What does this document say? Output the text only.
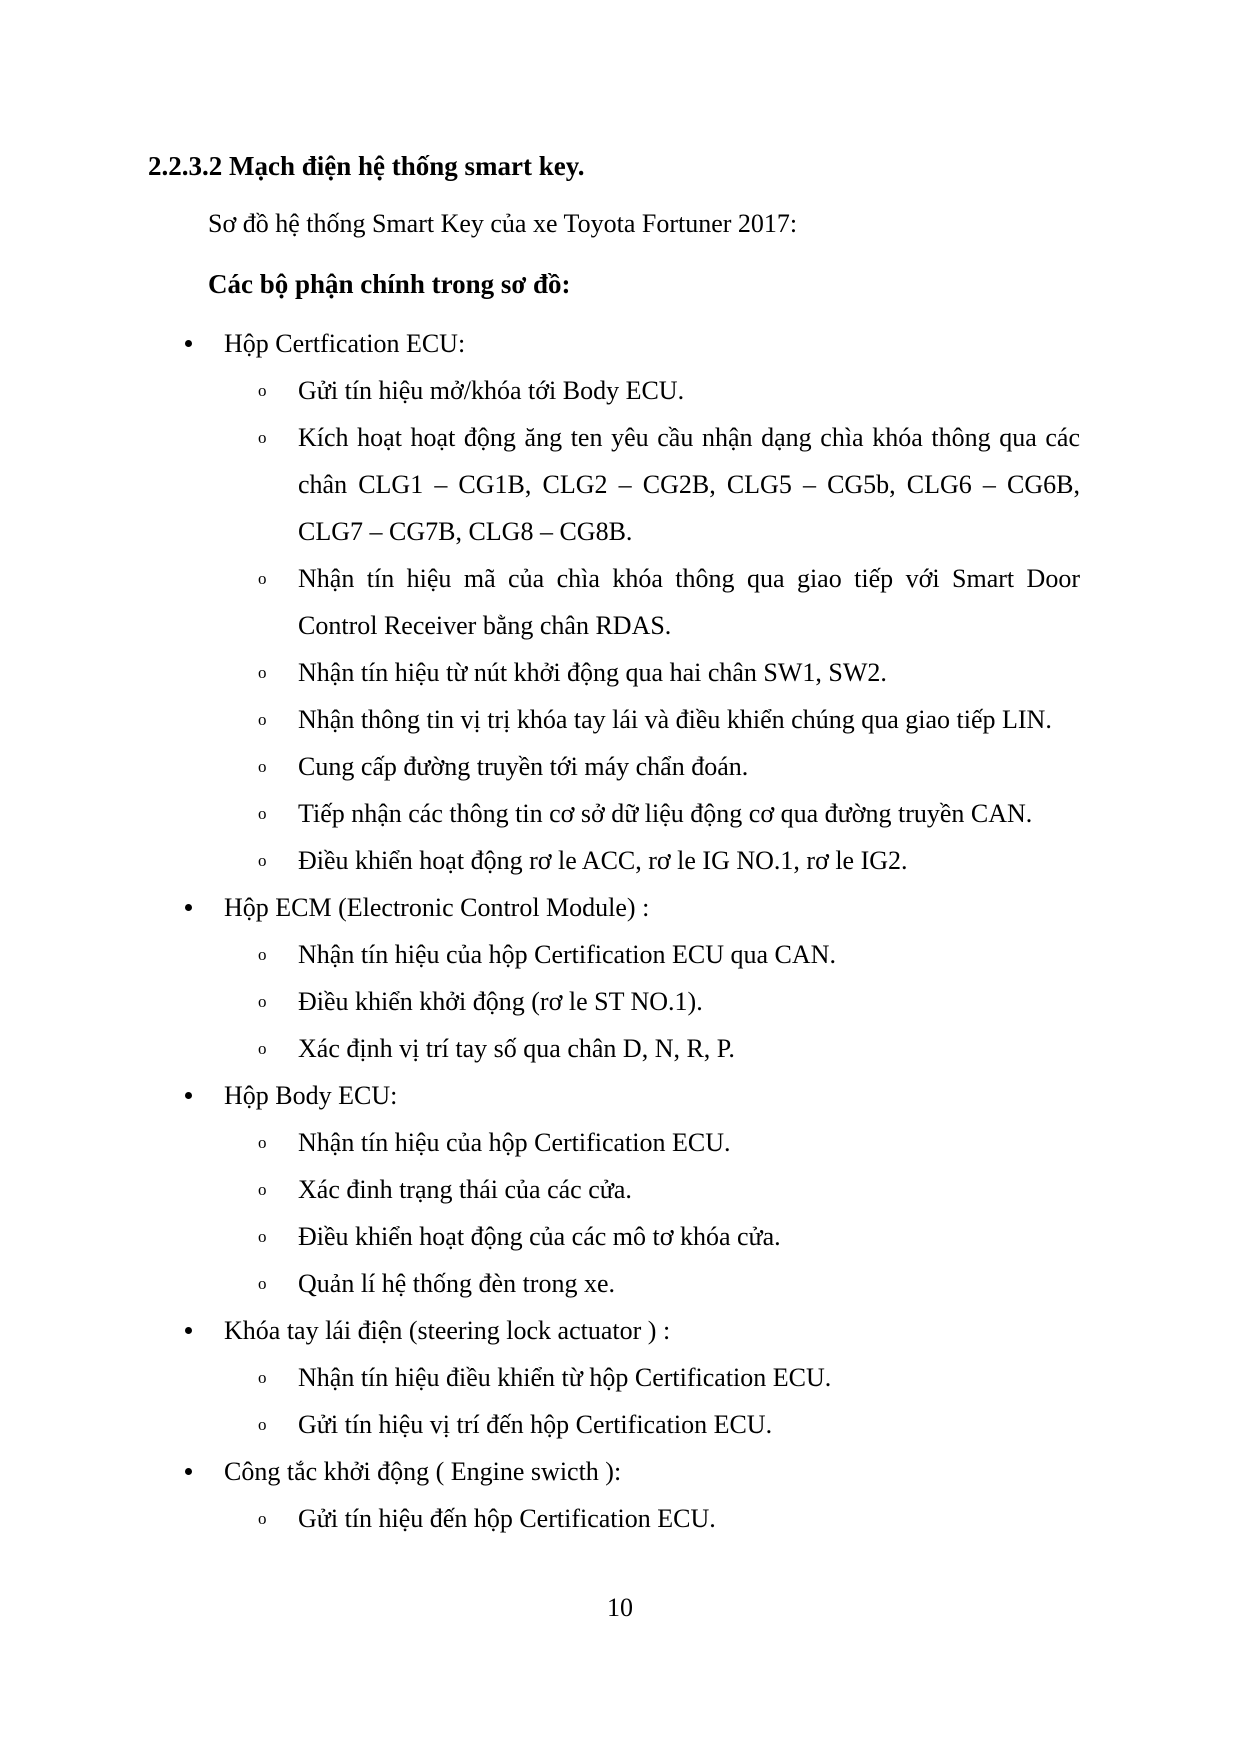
2.2.3.2 Mạch điện hệ thống smart key.
Sơ đồ hệ thống Smart Key của xe Toyota Fortuner 2017:
Các bộ phận chính trong sơ đồ:
Hộp Certfication ECU:
o Gửi tín hiệu mở/khóa tới Body ECU.
o Kích hoạt hoạt động ăng ten yêu cầu nhận dạng chìa khóa thông qua các chân CLG1 – CG1B, CLG2 – CG2B, CLG5 – CG5b, CLG6 – CG6B, CLG7 – CG7B, CLG8 – CG8B.
o Nhận tín hiệu mã của chìa khóa thông qua giao tiếp với Smart Door Control Receiver bằng chân RDAS.
o Nhận tín hiệu từ nút khởi động qua hai chân SW1, SW2.
o Nhận thông tin vị trị khóa tay lái và điều khiển chúng qua giao tiếp LIN.
o Cung cấp đường truyền tới máy chẩn đoán.
o Tiếp nhận các thông tin cơ sở dữ liệu động cơ qua đường truyền CAN.
o Điều khiển hoạt động rơ le ACC, rơ le IG NO.1, rơ le IG2.
Hộp ECM (Electronic Control Module) :
o Nhận tín hiệu của hộp Certification ECU qua CAN.
o Điều khiển khởi động (rơ le ST NO.1).
o Xác định vị trí tay số qua chân D, N, R, P.
Hộp Body ECU:
o Nhận tín hiệu của hộp Certification ECU.
o Xác đinh trạng thái của các cửa.
o Điều khiển hoạt động của các mô tơ khóa cửa.
o Quản lí hệ thống đèn trong xe.
Khóa tay lái điện (steering lock actuator ) :
o Nhận tín hiệu điều khiển từ hộp Certification ECU.
o Gửi tín hiệu vị trí đến hộp Certification ECU.
Công tắc khởi động ( Engine swicth ):
o Gửi tín hiệu đến hộp Certification ECU.
10
